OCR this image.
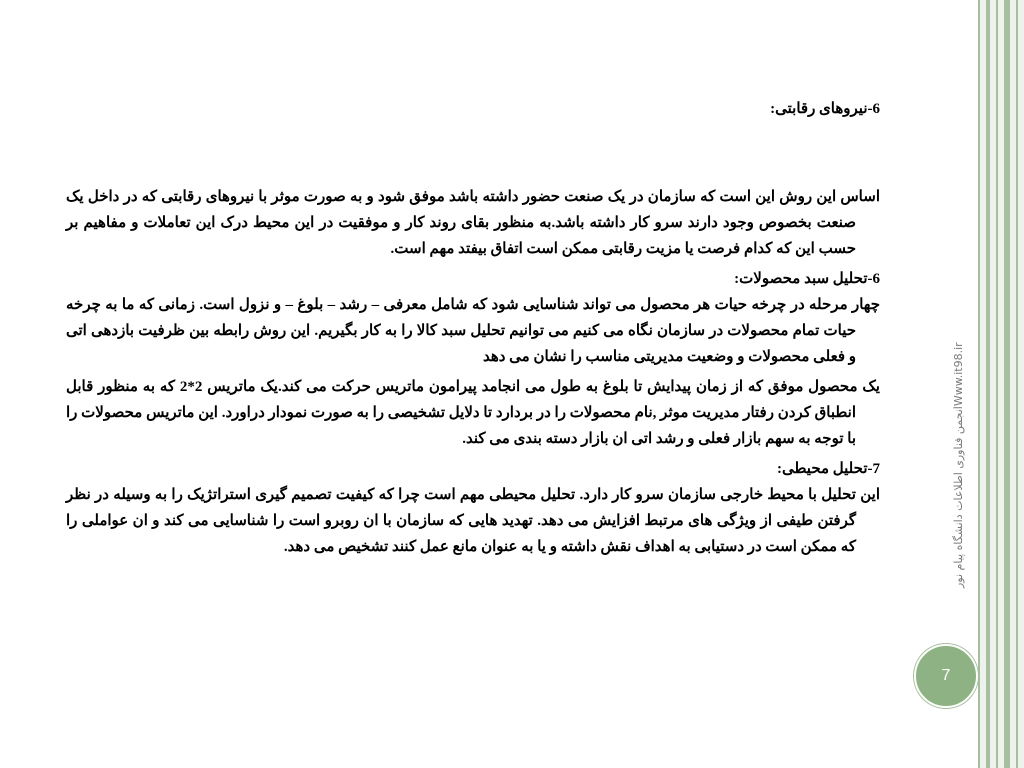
6-نیروهای رقابتی:

اساس این روش این است که سازمان در یک صنعت حضور داشته باشد موفق شود و به صورت موثر با نیروهای رقابتی که در داخل یک صنعت بخصوص وجود دارند سرو کار داشته باشد.به منظور بقای روند کار و موفقیت در این محیط درک این تعاملات و مفاهیم بر حسب این که کدام فرصت یا مزیت رقابتی ممکن است اتفاق بیفتد مهم است.

6-تحلیل سبد محصولات:

چهار مرحله در چرخه حیات هر محصول می تواند شناسایی شود که شامل معرفی – رشد – بلوغ – و نزول است. زمانی که ما به چرخه حیات تمام محصولات در سازمان نگاه می کنیم می توانیم تحلیل سبد کالا را به کار بگیریم. این روش رابطه بین ظرفیت بازدهی اتی و فعلی محصولات و وضعیت مدیریتی مناسب را نشان می دهد

یک محصول موفق که از زمان پیدایش تا بلوغ به طول می انجامد پیرامون ماتریس حرکت می کند.یک ماتریس 2*2 که به منظور قابل انطباق کردن رفتار مدیریت موثر ,نام محصولات را در بردارد تا دلایل تشخیصی را به صورت نمودار دراورد. این ماتریس محصولات را با توجه به سهم بازار فعلی و رشد اتی ان بازار دسته بندی می کند.

7-تحلیل محیطی:

این تحلیل با محیط خارجی سازمان سرو کار دارد. تحلیل محیطی مهم است چرا که کیفیت تصمیم گیری استراتژیک را به وسیله در نظر گرفتن طیفی از ویژگی های مرتبط افزایش می دهد. تهدید هایی که سازمان با ان روبرو است را شناسایی می کند و ان عواملی را که ممکن است در دستیابی به اهداف نقش داشته و یا به عنوان مانع عمل کنند تشخیص می دهد.	Www.it98.irانجمن فناوری اطلاعات دانشگاه پیام نور
7
